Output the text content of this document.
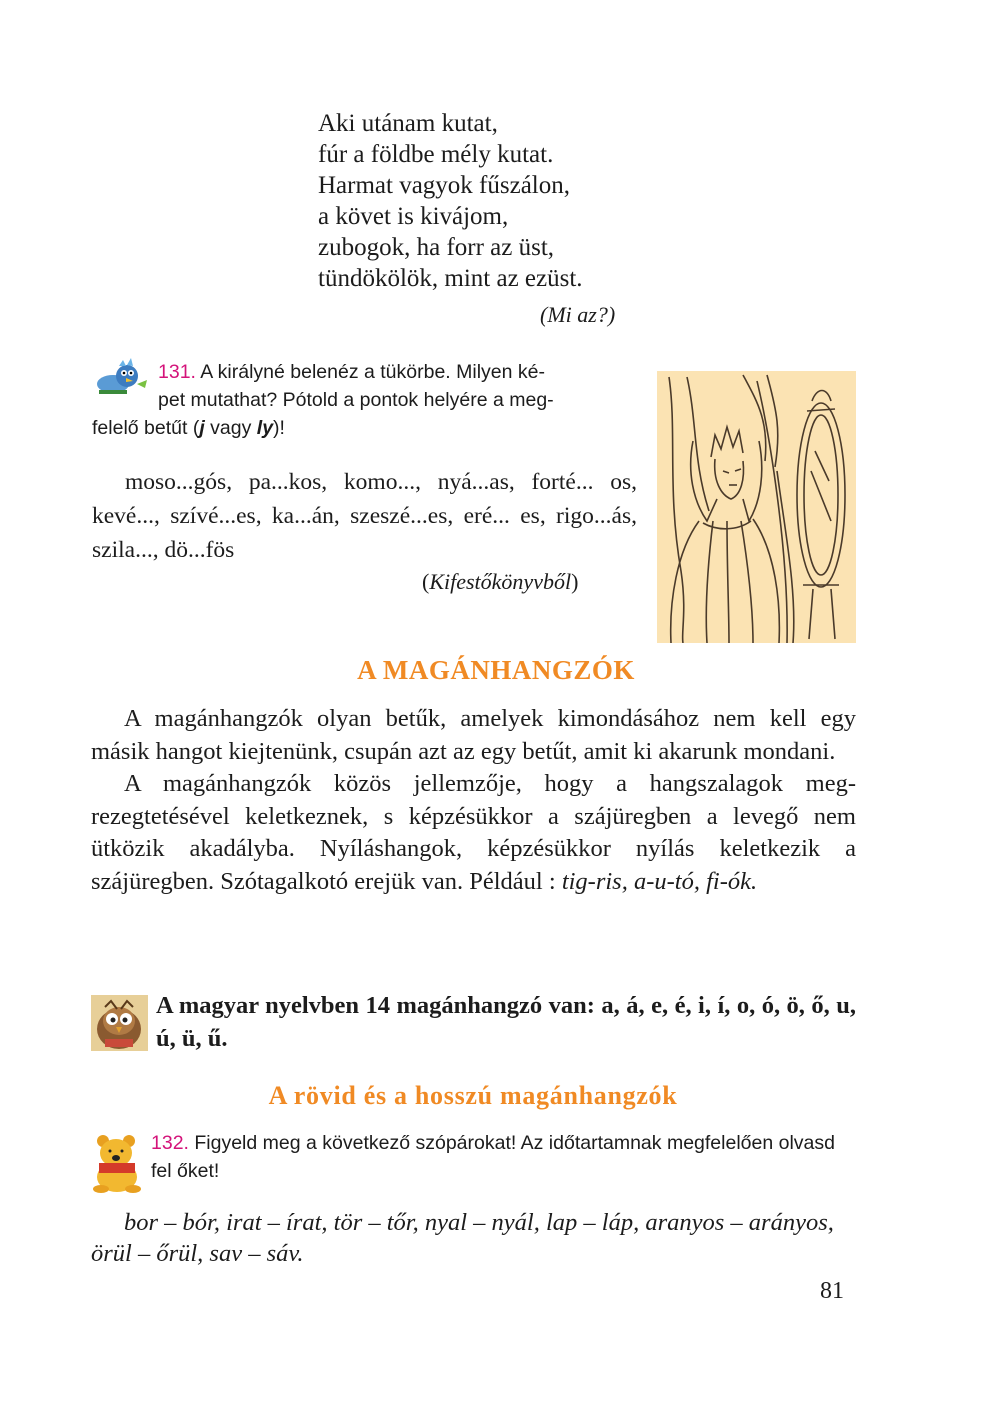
Aki utánam kutat,
fúr a földbe mély kutat.
Harmat vagyok fűszálon,
a követ is kivájom,
zubogok, ha forr az üst,
tündökölök, mint az ezüst.
(Mi az?)
131. A királyné belenéz a tükörbe. Milyen ké-
pet mutathat? Pótold a pontok helyére a meg-
felelő betűt (j vagy ly)!

moso...gós, pa...kos, komo..., nyá...as, forté... os, kevé..., szívé...es, ka...án, szeszé...es, eré... es, rigo...ás, szila..., dö...fös

(Kifestőkönyvből)
A MAGÁNHANGZÓK

A magánhangzók olyan betűk, amelyek kimondásához nem kell egy másik hangot kiejtenünk, csupán azt az egy betűt, amit ki akarunk mondani.

A magánhangzók közös jellemzője, hogy a hangszalagok megrezegtetésével keletkeznek, s képzésükkor a szájüregben a levegő nem ütközik akadályba. Nyíláshangok, képzésükkor nyílás keletkezik a szájüregben. Szótagalkotó erejük van. Például : tig-ris, a-u-tó, fi-ók.

A magyar nyelvben 14 magánhangzó van: a, á, e, é, i, í, o, ó, ö, ő, u, ú, ü, ű.
A rövid és a hosszú magánhangzók
132. Figyeld meg a következő szópárokat! Az időtartamnak megfelelően olvasd fel őket!

bor – bór, irat – írat, tör – tőr, nyal – nyál, lap – láp, aranyos – arányos, örül – őrül, sav – sáv.

81
